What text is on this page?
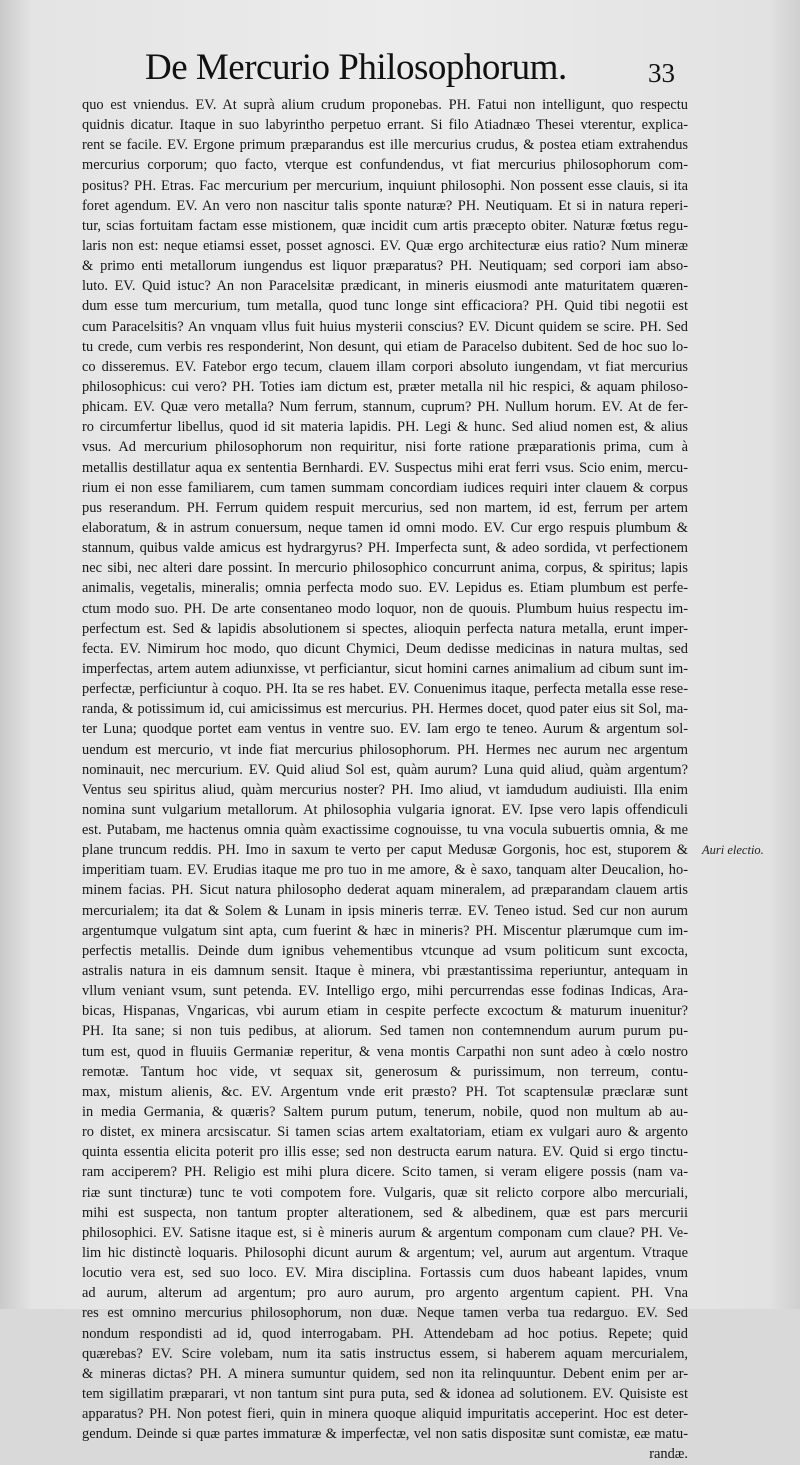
De Mercurio Philosophorum.	33
quo est vniendus. EV. At suprà alium crudum proponebas. PH. Fatui non intelligunt, quo respectu
quidnis dicatur. Itaque in suo labyrintho perpetuo errant. Si filo Atiadnæo Thesei vterentur, explica-
rent se facile. EV. Ergone primum præparandus est ille mercurius crudus, & postea etiam extrahendus
mercurius corporum; quo facto, vterque est confundendus, vt fiat mercurius philosophorum com-
positus? PH. Etras. Fac mercurium per mercurium, inquiunt philosophi. Non possent esse clauis, si ita
foret agendum. EV. An vero non nascitur talis sponte naturæ? PH. Neutiquam. Et si in natura reperi-
tur, scias fortuitam factam esse mistionem, quæ incidit cum artis præcepto obiter. Naturæ fœtus regu-
laris non est: neque etiamsi esset, posset agnosci. EV. Quæ ergo architecturæ eius ratio? Num mineræ
& primo enti metallorum iungendus est liquor præparatus? PH. Neutiquam; sed corpori iam abso-
luto. EV. Quid istuc? An non Paracelsitæ prædicant, in mineris eiusmodi ante maturitatem quæren-
dum esse tum mercurium, tum metalla, quod tunc longe sint efficaciora? PH. Quid tibi negotii est
cum Paracelsitis? An vnquam vllus fuit huius mysterii conscius? EV. Dicunt quidem se scire. PH. Sed
tu crede, cum verbis res responderint, Non desunt, qui etiam de Paracelso dubitent. Sed de hoc suo lo-
co disseremus. EV. Fatebor ergo tecum, clauem illam corpori absoluto iungendam, vt fiat mercurius
philosophicus: cui vero? PH. Toties iam dictum est, præter metalla nil hic respici, & aquam philoso-
phicam. EV. Quæ vero metalla? Num ferrum, stannum, cuprum? PH. Nullum horum. EV. At de fer-
ro circumfertur libellus, quod id sit materia lapidis. PH. Legi & hunc. Sed aliud nomen est, & alius
vsus. Ad mercurium philosophorum non requiritur, nisi forte ratione præparationis prima, cum à
metallis destillatur aqua ex sententia Bernhardi. EV. Suspectus mihi erat ferri vsus. Scio enim, mercu-
rium ei non esse familiarem, cum tamen summam concordiam iudices requiri inter clauem & corpus
pus reserandum. PH. Ferrum quidem respuit mercurius, sed non martem, id est, ferrum per artem
elaboratum, & in astrum conuersum, neque tamen id omni modo. EV. Cur ergo respuis plumbum &
stannum, quibus valde amicus est hydrargyrus? PH. Imperfecta sunt, & adeo sordida, vt perfectionem
nec sibi, nec alteri dare possint. In mercurio philosophico concurrunt anima, corpus, & spiritus; lapis
animalis, vegetalis, mineralis; omnia perfecta modo suo. EV. Lepidus es. Etiam plumbum est perfe-
ctum modo suo. PH. De arte consentaneo modo loquor, non de quouis. Plumbum huius respectu im-
perfectum est. Sed & lapidis absolutionem si spectes, alioquin perfecta natura metalla, erunt imper-
fecta. EV. Nimirum hoc modo, quo dicunt Chymici, Deum dedisse medicinas in natura multas, sed
imperfectas, artem autem adiunxisse, vt perficiantur, sicut homini carnes animalium ad cibum sunt im-
perfectæ, perficiuntur à coquo. PH. Ita se res habet. EV. Conuenimus itaque, perfecta metalla esse rese-
randa, & potissimum id, cui amicissimus est mercurius. PH. Hermes docet, quod pater eius sit Sol, ma-
ter Luna; quodque portet eam ventus in ventre suo. EV. Iam ergo te teneo. Aurum & argentum sol-
uendum est mercurio, vt inde fiat mercurius philosophorum. PH. Hermes nec aurum nec argentum
nominauit, nec mercurium. EV. Quid aliud Sol est, quàm aurum? Luna quid aliud, quàm argentum?
Ventus seu spiritus aliud, quàm mercurius noster? PH. Imo aliud, vt iamdudum audiuisti. Illa enim
nomina sunt vulgarium metallorum. At philosophia vulgaria ignorat. EV. Ipse vero lapis offendiculi
est. Putabam, me hactenus omnia quàm exactissime cognouisse, tu vna vocula subuertis omnia, & me
plane truncum reddis. PH. Imo in saxum te verto per caput Medusæ Gorgonis, hoc est, stuporem &
imperitiam tuam. EV. Erudias itaque me pro tuo in me amore, & è saxo, tanquam alter Deucalion, ho-
minem facias. PH. Sicut natura philosopho dederat aquam mineralem, ad præparandam clauem artis
mercurialem; ita dat & Solem & Lunam in ipsis mineris terræ. EV. Teneo istud. Sed cur non aurum
argentumque vulgatum sint apta, cum fuerint & hæc in mineris? PH. Miscentur plærumque cum im-
perfectis metallis. Deinde dum ignibus vehementibus vtcunque ad vsum politicum sunt excocta,
astralis natura in eis damnum sensit. Itaque è minera, vbi præstantissima reperiuntur, antequam in
vllum veniant vsum, sunt petenda. EV. Intelligo ergo, mihi percurrendas esse fodinas Indicas, Ara-
bicas, Hispanas, Vngaricas, vbi aurum etiam in cespite perfecte excoctum & maturum inuenitur?
PH. Ita sane; si non tuis pedibus, at aliorum. Sed tamen non contemnendum aurum purum pu-
tum est, quod in fluuiis Germaniæ reperitur, & vena montis Carpathi non sunt adeo à cœlo nostro
remotæ. Tantum hoc vide, vt sequax sit, generosum & purissimum, non terreum, contu-
max, mistum alienis, &c. EV. Argentum vnde erit præsto? PH. Tot scaptensulæ præclaræ sunt
in media Germania, & quæris? Saltem purum putum, tenerum, nobile, quod non multum ab au-
ro distet, ex minera arcsiscatur. Si tamen scias artem exaltatoriam, etiam ex vulgari auro & argento
quinta essentia elicita poterit pro illis esse; sed non destructa earum natura. EV. Quid si ergo tinctu-
ram acciperem? PH. Religio est mihi plura dicere. Scito tamen, si veram eligere possis (nam va-
riæ sunt tincturæ) tunc te voti compotem fore. Vulgaris, quæ sit relicto corpore albo mercuriali,
mihi est suspecta, non tantum propter alterationem, sed & albedinem, quæ est pars mercurii
philosophici. EV. Satisne itaque est, si è mineris aurum & argentum componam cum claue? PH. Ve-
lim hic distinctè loquaris. Philosophi dicunt aurum & argentum; vel, aurum aut argentum. Vtraque
locutio vera est, sed suo loco. EV. Mira disciplina. Fortassis cum duos habeant lapides, vnum
ad aurum, alterum ad argentum; pro auro aurum, pro argento argentum capient. PH. Vna
res est omnino mercurius philosophorum, non duæ. Neque tamen verba tua redarguo. EV. Sed
nondum respondisti ad id, quod interrogabam. PH. Attendebam ad hoc potius. Repete; quid
quærebas? EV. Scire volebam, num ita satis instructus essem, si haberem aquam mercurialem,
& mineras dictas? PH. A minera sumuntur quidem, sed non ita relinquuntur. Debent enim per ar-
tem sigillatim præparari, vt non tantum sint pura puta, sed & idonea ad solutionem. EV. Quisiste est
apparatus? PH. Non potest fieri, quin in minera quoque aliquid impuritatis acceperint. Hoc est deter-
gendum. Deinde si quæ partes immaturæ & imperfectæ, vel non satis dispositæ sunt comistæ, eæ matu-
randæ.
Auri electio.
